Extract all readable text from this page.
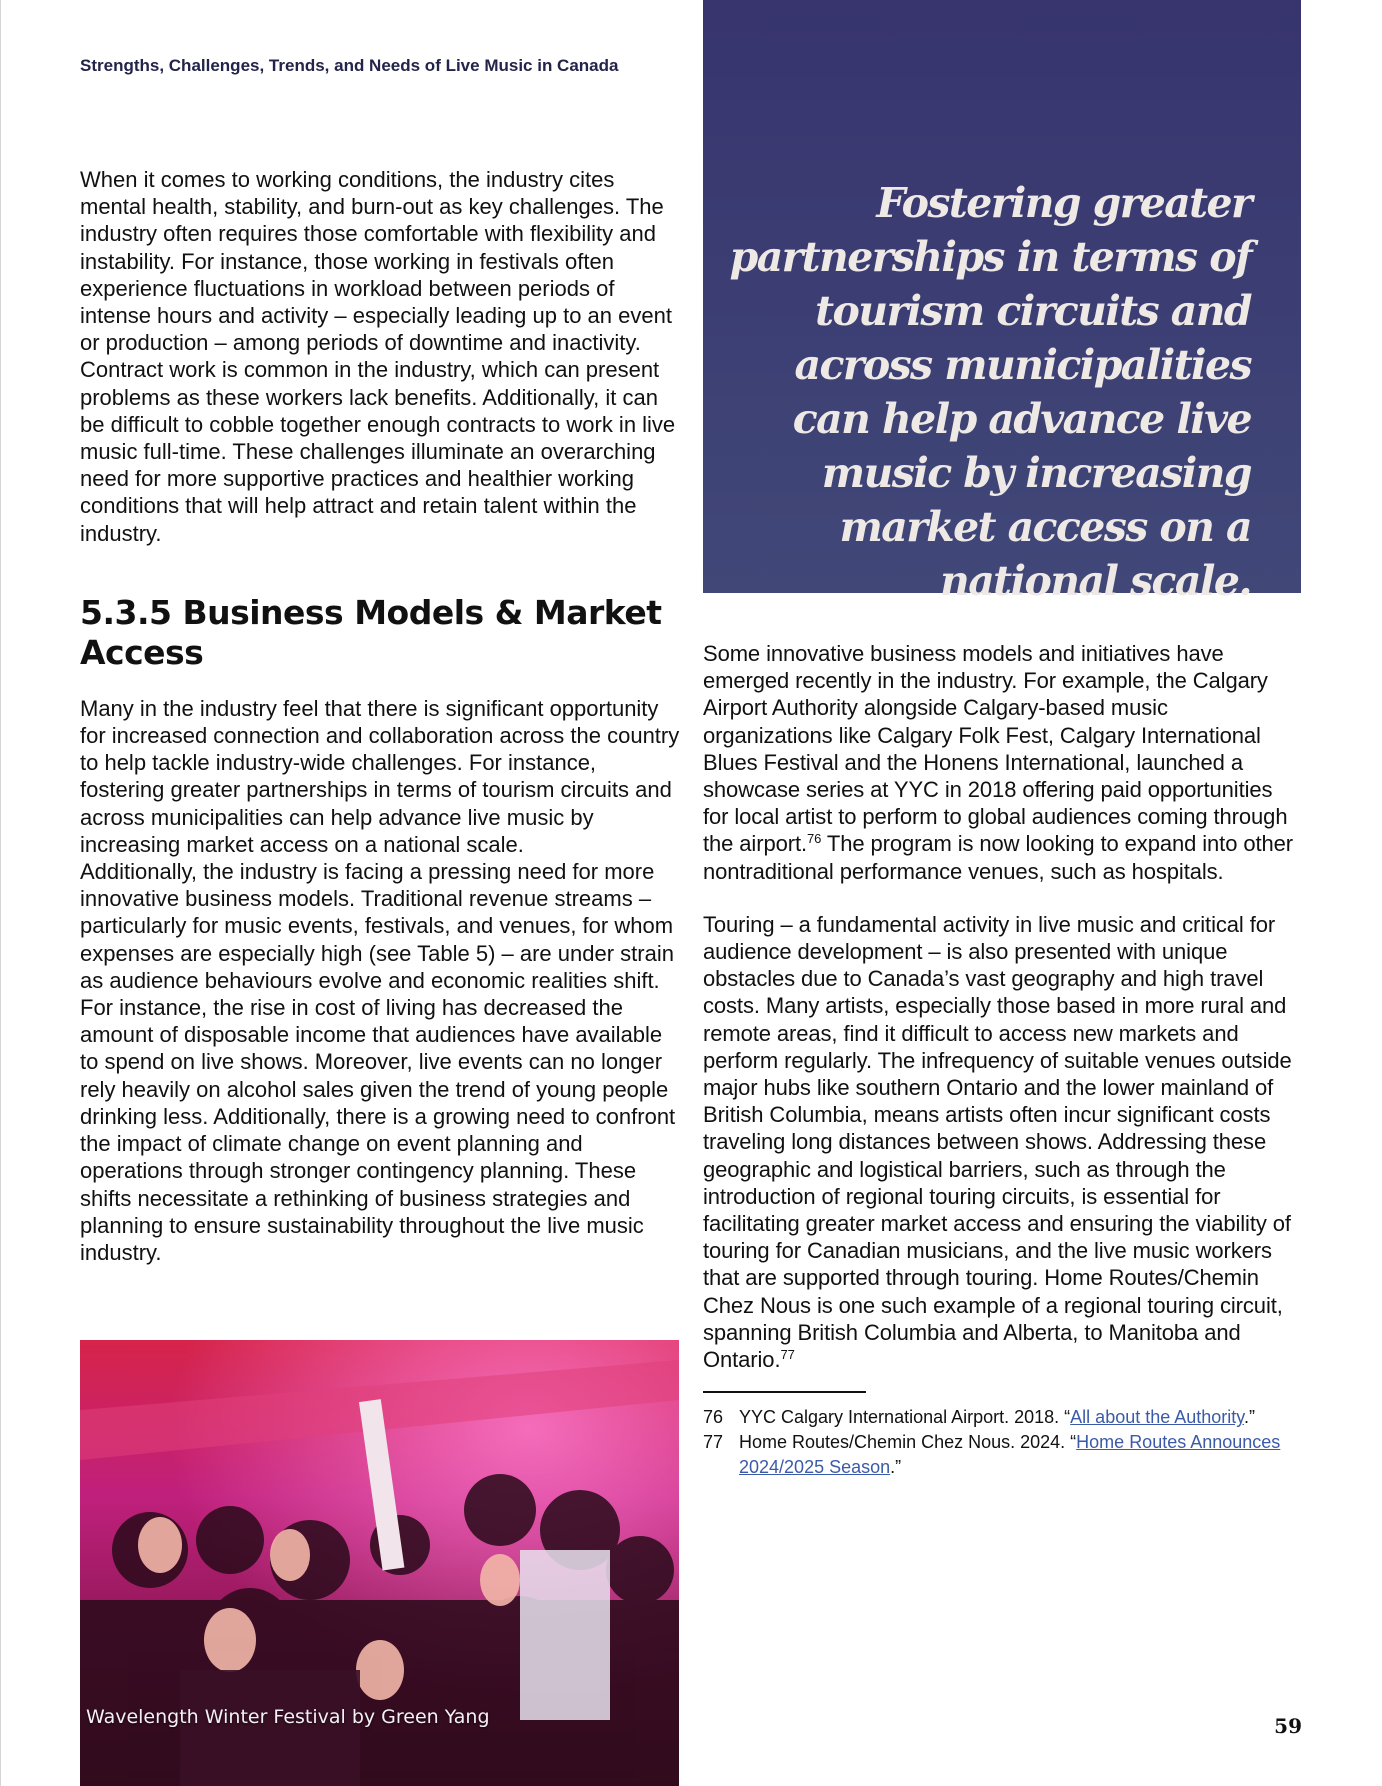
Strengths, Challenges, Trends, and Needs of Live Music in Canada

When it comes to working conditions, the industry cites mental health, stability, and burn-out as key challenges. The industry often requires those comfortable with flexibility and instability. For instance, those working in festivals often experience fluctuations in workload between periods of intense hours and activity – especially leading up to an event or production – among periods of downtime and inactivity. Contract work is common in the industry, which can present problems as these workers lack benefits. Additionally, it can be difficult to cobble together enough contracts to work in live music full-time. These challenges illuminate an overarching need for more supportive practices and healthier working conditions that will help attract and retain talent within the industry.

5.3.5 Business Models & Market Access

Many in the industry feel that there is significant opportunity for increased connection and collaboration across the country to help tackle industry-wide challenges. For instance, fostering greater partnerships in terms of tourism circuits and across municipalities can help advance live music by increasing market access on a national scale.

Additionally, the industry is facing a pressing need for more innovative business models. Traditional revenue streams – particularly for music events, festivals, and venues, for whom expenses are especially high (see Table 5) – are under strain as audience behaviours evolve and economic realities shift. For instance, the rise in cost of living has decreased the amount of disposable income that audiences have available to spend on live shows. Moreover, live events can no longer rely heavily on alcohol sales given the trend of young people drinking less. Additionally, there is a growing need to confront the impact of climate change on event planning and operations through stronger contingency planning. These shifts necessitate a rethinking of business strategies and planning to ensure sustainability throughout the live music industry.

Wavelength Winter Festival by Green Yang

Fostering greater partnerships in terms of tourism circuits and across municipalities can help advance live music by increasing market access on a national scale.

Some innovative business models and initiatives have emerged recently in the industry. For example, the Calgary Airport Authority alongside Calgary-based music organizations like Calgary Folk Fest, Calgary International Blues Festival and the Honens International, launched a showcase series at YYC in 2018 offering paid opportunities for local artist to perform to global audiences coming through the airport.$^{76}$ The program is now looking to expand into other nontraditional performance venues, such as hospitals.

Touring – a fundamental activity in live music and critical for audience development – is also presented with unique obstacles due to Canada’s vast geography and high travel costs. Many artists, especially those based in more rural and remote areas, find it difficult to access new markets and perform regularly. The infrequency of suitable venues outside major hubs like southern Ontario and the lower mainland of British Columbia, means artists often incur significant costs traveling long distances between shows. Addressing these geographic and logistical barriers, such as through the introduction of regional touring circuits, is essential for facilitating greater market access and ensuring the viability of touring for Canadian musicians, and the live music workers that are supported through touring. Home Routes/Chemin Chez Nous is one such example of a regional touring circuit, spanning British Columbia and Alberta, to Manitoba and Ontario.$^{77}$

76 YYC Calgary International Airport. 2018. “All about the Authority.”
77 Home Routes/Chemin Chez Nous. 2024. “Home Routes Announces 2024/2025 Season.”
59
